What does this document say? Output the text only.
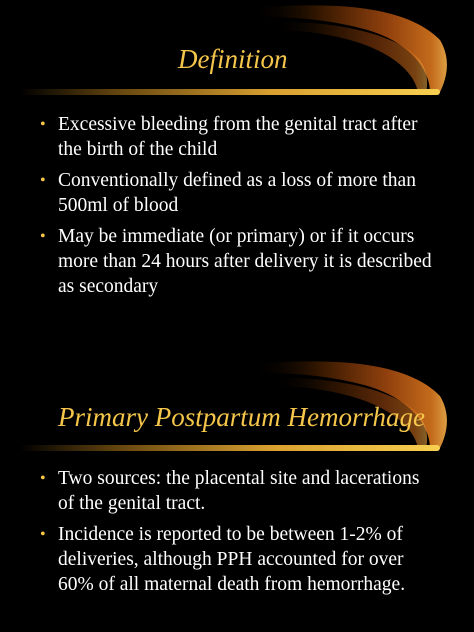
Definition
• Excessive bleeding from the genital tract after the birth of the child
• Conventionally defined as a loss of more than 500ml of blood
• May be immediate (or primary) or if it occurs more than 24 hours after delivery it is described as secondary
Primary Postpartum Hemorrhage
• Two sources: the placental site and lacerations of the genital tract.
• Incidence is reported to be between 1-2% of deliveries, although PPH accounted for over 60% of all maternal death from hemorrhage.
